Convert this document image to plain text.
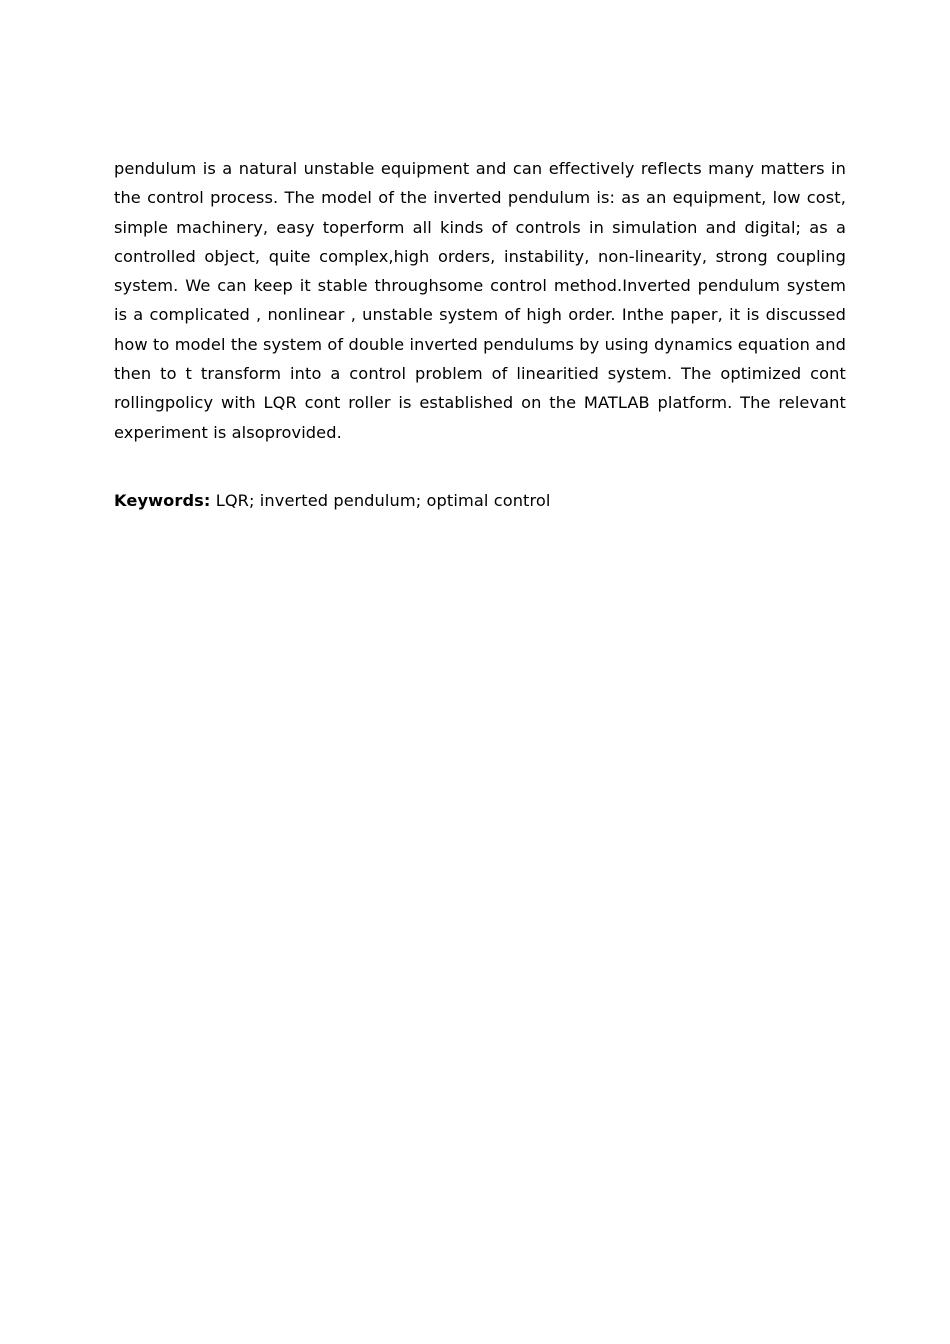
pendulum is a natural unstable equipment and can effectively reflects many matters in the control process. The model of the inverted pendulum is: as an equipment, low cost, simple machinery, easy toperform all kinds of controls in simulation and digital; as a controlled object, quite complex,high orders, instability, non-linearity, strong coupling system. We can keep it stable throughsome control method.Inverted pendulum system is a complicated , nonlinear , unstable system of high order. Inthe paper, it is discussed how to model the system of double inverted pendulums by using dynamics equation and then to t transform into a control problem of linearitied system. The optimized cont rollingpolicy with LQR cont roller is established on the MATLAB platform. The relevant experiment is alsoprovided.

Keywords: LQR; inverted pendulum; optimal control
